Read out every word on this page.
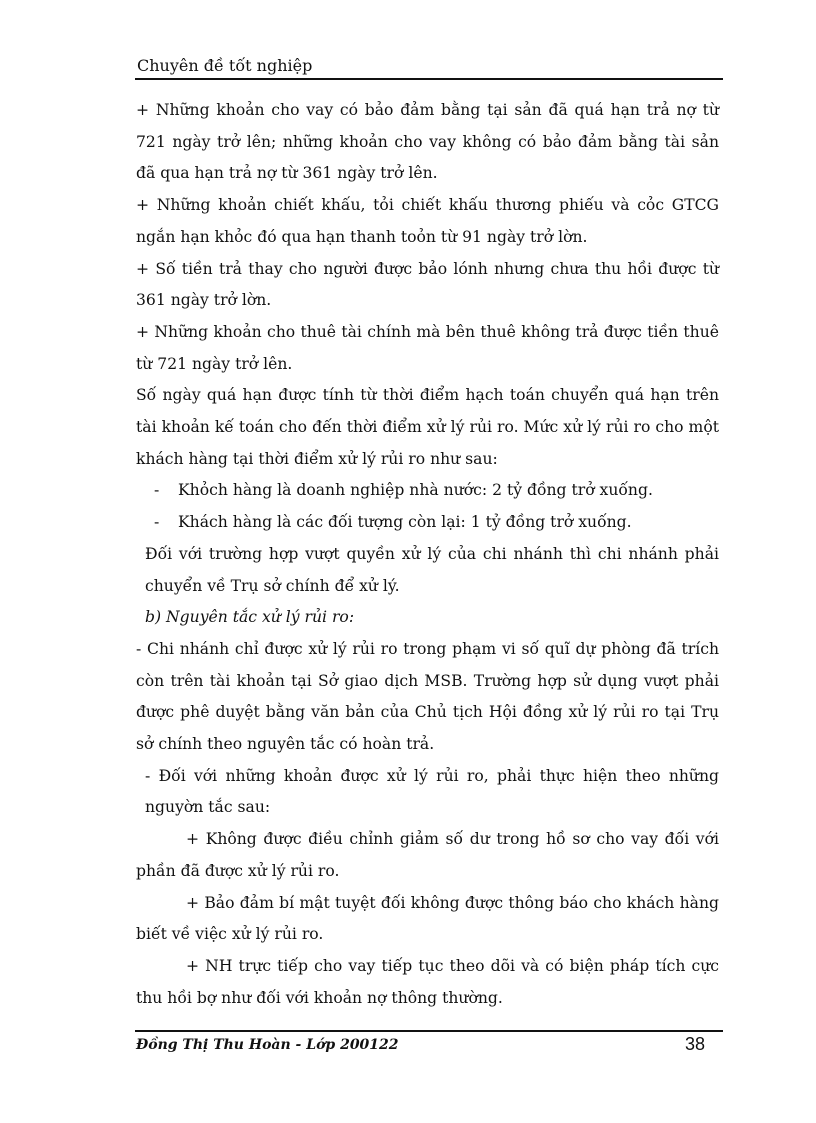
Chuyên đề tốt nghiệp

+ Những khoản cho vay có bảo đảm bằng tại sản đã quá hạn trả nợ từ 721 ngày trở lên; những khoản cho vay không có bảo đảm bằng tài sản đã qua hạn trả nợ từ 361 ngày trở lên.

+ Những khoản chiết khấu, tỏi chiết khấu thương phiếu và cỏc GTCG ngắn hạn khỏc đó qua hạn thanh toỏn từ 91 ngày trở lờn.

+ Số tiền trả thay cho người được bảo lónh nhưng chưa thu hồi được từ 361 ngày trở lờn.

+ Những khoản cho thuê tài chính mà bên thuê không trả được tiền thuê từ 721 ngày trở lên.

Số ngày quá hạn được tính từ thời điểm hạch toán chuyển quá hạn trên tài khoản kế toán cho đến thời điểm xử lý rủi ro. Mức xử lý rủi ro cho một khách hàng tại thời điểm xử lý rủi ro như sau:

-	Khỏch hàng là doanh nghiệp nhà nước: 2 tỷ đồng trở xuống.
-	Khách hàng là các đối tượng còn lại: 1 tỷ đồng trở xuống.

Đối với trường hợp vượt quyền xử lý của chi nhánh thì chi nhánh phải chuyển về Trụ sở chính để xử lý.

b) Nguyên tắc xử lý rủi ro:

- Chi nhánh chỉ được xử lý rủi ro trong phạm vi số quĩ dự phòng đã trích còn trên tài khoản tại Sở giao dịch MSB. Trường hợp sử dụng vượt phải được phê duyệt bằng văn bản của Chủ tịch Hội đồng xử lý rủi ro tại Trụ sở chính theo nguyên tắc có hoàn trả.

- Đối với những khoản được xử lý rủi ro, phải thực hiện theo những nguyờn tắc sau:

+ Không được điều chỉnh giảm số dư trong hồ sơ cho vay đối với phần đã được xử lý rủi ro.

+ Bảo đảm bí mật tuyệt đối không được thông báo cho khách hàng biết về việc xử lý rủi ro.

+ NH trực tiếp cho vay tiếp tục theo dõi và có biện pháp tích cực thu hồi bợ như đối với khoản nợ thông thường.

Đồng Thị Thu Hoàn - Lớp 200122	38
